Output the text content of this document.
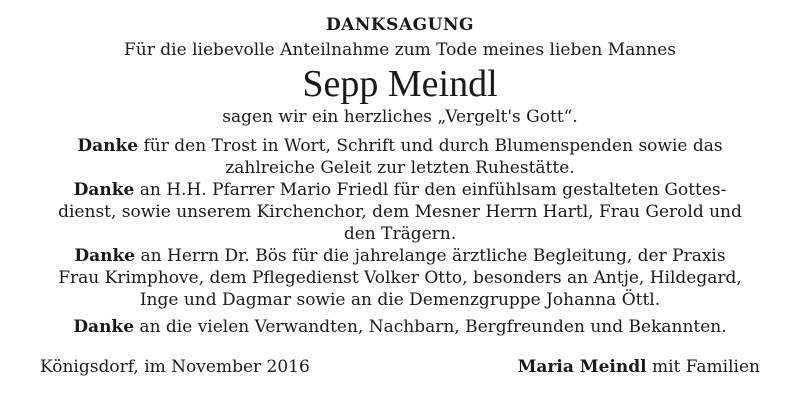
DANKSAGUNG
Für die liebevolle Anteilnahme zum Tode meines lieben Mannes
Sepp Meindl
sagen wir ein herzliches „Vergelt's Gott“.

Danke für den Trost in Wort, Schrift und durch Blumenspenden sowie das
zahlreiche Geleit zur letzten Ruhestätte.

Danke an H.H. Pfarrer Mario Friedl für den einfühlsam gestalteten Gottes-
dienst, sowie unserem Kirchenchor, dem Mesner Herrn Hartl, Frau Gerold und
den Trägern.

Danke an Herrn Dr. Bös für die jahrelange ärztliche Begleitung, der Praxis
Frau Krimphove, dem Pflegedienst Volker Otto, besonders an Antje, Hildegard,
Inge und Dagmar sowie an die Demenzgruppe Johanna Öttl.

Danke an die vielen Verwandten, Nachbarn, Bergfreunden und Bekannten.

Königsdorf, im November 2016	Maria Meindl mit Familien
